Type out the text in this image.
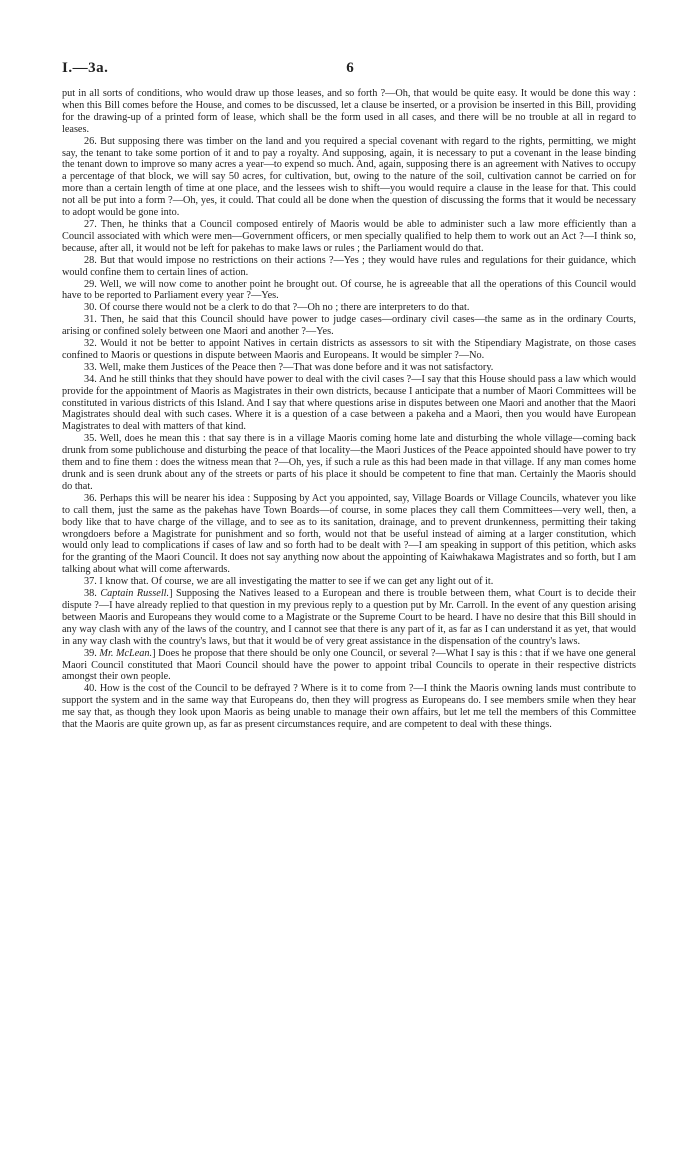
I.—3a.	6

put in all sorts of conditions, who would draw up those leases, and so forth ?—Oh, that would be quite easy. It would be done this way : when this Bill comes before the House, and comes to be discussed, let a clause be inserted, or a provision be inserted in this Bill, providing for the drawing-up of a printed form of lease, which shall be the form used in all cases, and there will be no trouble at all in regard to leases.

26. But supposing there was timber on the land and you required a special covenant with regard to the rights, permitting, we might say, the tenant to take some portion of it and to pay a royalty. And supposing, again, it is necessary to put a covenant in the lease binding the tenant down to improve so many acres a year—to expend so much. And, again, supposing there is an agreement with Natives to occupy a percentage of that block, we will say 50 acres, for cultivation, but, owing to the nature of the soil, cultivation cannot be carried on for more than a certain length of time at one place, and the lessees wish to shift—you would require a clause in the lease for that. This could not all be put into a form ?—Oh, yes, it could. That could all be done when the question of discussing the forms that it would be necessary to adopt would be gone into.

27. Then, he thinks that a Council composed entirely of Maoris would be able to administer such a law more efficiently than a Council associated with which were men—Government officers, or men specially qualified to help them to work out an Act ?—I think so, because, after all, it would not be left for pakehas to make laws or rules ; the Parliament would do that.

28. But that would impose no restrictions on their actions ?—Yes ; they would have rules and regulations for their guidance, which would confine them to certain lines of action.

29. Well, we will now come to another point he brought out. Of course, he is agreeable that all the operations of this Council would have to be reported to Parliament every year ?—Yes.

30. Of course there would not be a clerk to do that ?—Oh no ; there are interpreters to do that.

31. Then, he said that this Council should have power to judge cases—ordinary civil cases—the same as in the ordinary Courts, arising or confined solely between one Maori and another ?—Yes.

32. Would it not be better to appoint Natives in certain districts as assessors to sit with the Stipendiary Magistrate, on those cases confined to Maoris or questions in dispute between Maoris and Europeans. It would be simpler ?—No.

33. Well, make them Justices of the Peace then ?—That was done before and it was not satisfactory.

34. And he still thinks that they should have power to deal with the civil cases ?—I say that this House should pass a law which would provide for the appointment of Maoris as Magistrates in their own districts, because I anticipate that a number of Maori Committees will be constituted in various districts of this Island. And I say that where questions arise in disputes between one Maori and another that the Maori Magistrates should deal with such cases. Where it is a question of a case between a pakeha and a Maori, then you would have European Magistrates to deal with matters of that kind.

35. Well, does he mean this : that say there is in a village Maoris coming home late and disturbing the whole village—coming back drunk from some publichouse and disturbing the peace of that locality—the Maori Justices of the Peace appointed should have power to try them and to fine them : does the witness mean that ?—Oh, yes, if such a rule as this had been made in that village. If any man comes home drunk and is seen drunk about any of the streets or parts of his place it should be competent to fine that man. Certainly the Maoris should do that.

36. Perhaps this will be nearer his idea : Supposing by Act you appointed, say, Village Boards or Village Councils, whatever you like to call them, just the same as the pakehas have Town Boards—of course, in some places they call them Committees—very well, then, a body like that to have charge of the village, and to see as to its sanitation, drainage, and to prevent drunkenness, permitting their taking wrongdoers before a Magistrate for punishment and so forth, would not that be useful instead of aiming at a larger constitution, which would only lead to complications if cases of law and so forth had to be dealt with ?—I am speaking in support of this petition, which asks for the granting of the Maori Council. It does not say anything now about the appointing of Kaiwhakawa Magistrates and so forth, but I am talking about what will come afterwards.

37. I know that. Of course, we are all investigating the matter to see if we can get any light out of it.

38. Captain Russell.] Supposing the Natives leased to a European and there is trouble between them, what Court is to decide their dispute ?—I have already replied to that question in my previous reply to a question put by Mr. Carroll. In the event of any question arising between Maoris and Europeans they would come to a Magistrate or the Supreme Court to be heard. I have no desire that this Bill should in any way clash with any of the laws of the country, and I cannot see that there is any part of it, as far as I can understand it as yet, that would in any way clash with the country's laws, but that it would be of very great assistance in the dispensation of the country's laws.

39. Mr. McLean.] Does he propose that there should be only one Council, or several ?—What I say is this : that if we have one general Maori Council constituted that Maori Council should have the power to appoint tribal Councils to operate in their respective districts amongst their own people.

40. How is the cost of the Council to be defrayed ? Where is it to come from ?—I think the Maoris owning lands must contribute to support the system and in the same way that Europeans do, then they will progress as Europeans do. I see members smile when they hear me say that, as though they look upon Maoris as being unable to manage their own affairs, but let me tell the members of this Committee that the Maoris are quite grown up, as far as present circumstances require, and are competent to deal with these things.
